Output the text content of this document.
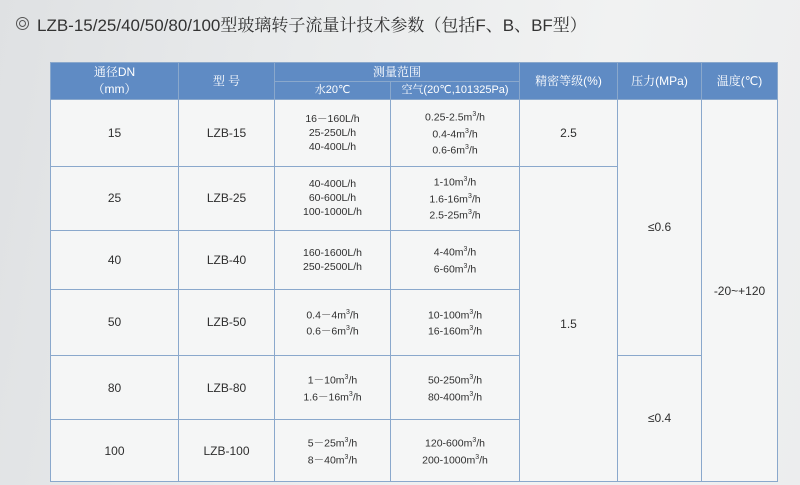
LZB-15/25/40/50/80/100型玻璃转子流量计技术参数（包括F、B、BF型）
通径DN
（mm）	型 号	测量范围		精密等级(%)	压力(MPa)	温度(℃)
		水20℃	空气(20℃,101325Pa)			
15	LZB-15	16－160L/h
25-250L/h
40-400L/h	$0.25-2.5m^3/h$
$0.4-4m^3/h$
$0.6-6m^3/h$	2.5	≤0.6	-20~+120
25	LZB-25	40-400L/h
60-600L/h
100-1000L/h	$1-10m^3/h$
$1.6-16m^3/h$
$2.5-25m^3/h$	1.5		
40	LZB-40	160-1600L/h
250-2500L/h	$4-40m^3/h$
$6-60m^3/h$			

50	LZB-50	$0.4-4m^3/h$
$0.6-6m^3/h$	$10-100m^3/h$
$16-160m^3/h$			

80	LZB-80	$1-10m^3/h$
$1.6-16m^3/h$	$50-250m^3/h$
$80-400m^3/h$		≤0.4	
100	LZB-100	$5-25m^3/h$
$8-40m^3/h$	$120-600m^3/h$
$200-1000m^3/h$			
